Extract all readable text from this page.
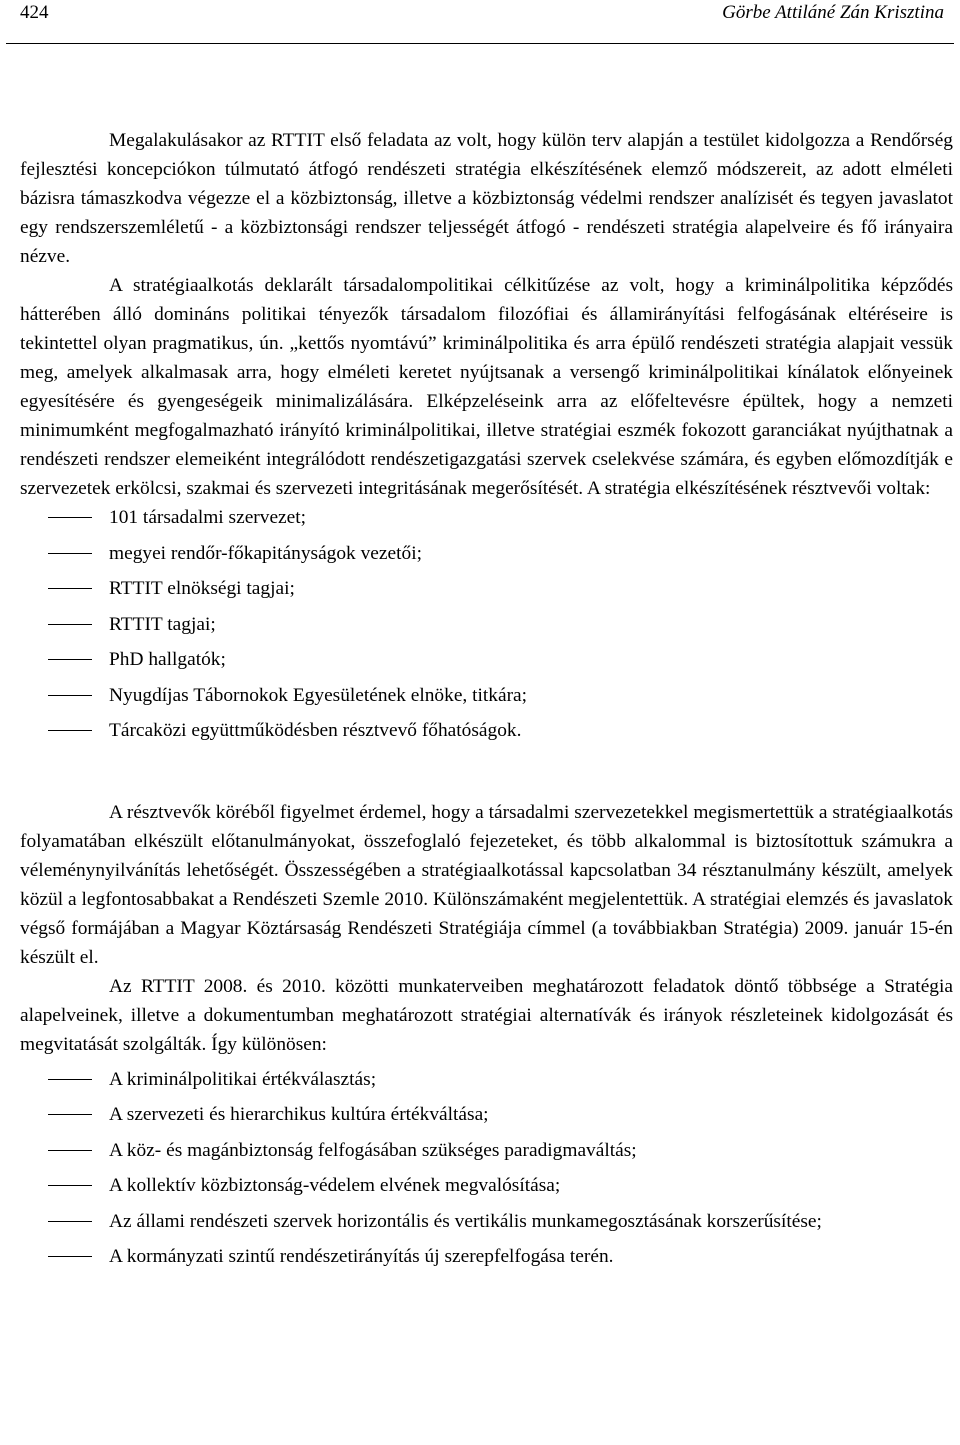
424	Görbe Attiláné Zán Krisztina

Megalakulásakor az RTTIT első feladata az volt, hogy külön terv alapján a testület kidolgozza a Rendőrség fejlesztési koncepciókon túlmutató átfogó rendészeti stratégia elkészítésének elemző módszereit, az adott elméleti bázisra támaszkodva végezze el a közbiztonság, illetve a közbiztonság védelmi rendszer analízisét és tegyen javaslatot egy rendszerszemléletű - a közbiztonsági rendszer teljességét átfogó - rendészeti stratégia alapelveire és fő irányaira nézve.

A stratégiaalkotás deklarált társadalompolitikai célkitűzése az volt, hogy a kriminálpolitika képződés hátterében álló domináns politikai tényezők társadalom filozófiai és államirányítási felfogásának eltéréseire is tekintettel olyan pragmatikus, ún. „kettős nyomtávú” kriminálpolitika és arra épülő rendészeti stratégia alapjait vessük meg, amelyek alkalmasak arra, hogy elméleti keretet nyújtsanak a versengő kriminálpolitikai kínálatok előnyeinek egyesítésére és gyengeségeik minimalizálására. Elképzeléseink arra az előfeltevésre épültek, hogy a nemzeti minimumként megfogalmazható irányító kriminálpolitikai, illetve stratégiai eszmék fokozott garanciákat nyújthatnak a rendészeti rendszer elemeiként integrálódott rendészetigazgatási szervek cselekvése számára, és egyben előmozdítják e szervezetek erkölcsi, szakmai és szervezeti integritásának megerősítését. A stratégia elkészítésének résztvevői voltak:

101 társadalmi szervezet;
megyei rendőr-főkapitányságok vezetői;
RTTIT elnökségi tagjai;
RTTIT tagjai;
PhD hallgatók;
Nyugdíjas Tábornokok Egyesületének elnöke, titkára;
Tárcaközi együttműködésben résztvevő főhatóságok.

A résztvevők köréből figyelmet érdemel, hogy a társadalmi szervezetekkel megismertettük a stratégiaalkotás folyamatában elkészült előtanulmányokat, összefoglaló fejezeteket, és több alkalommal is biztosítottuk számukra a véleménynyilvánítás lehetőségét. Összességében a stratégiaalkotással kapcsolatban 34 résztanulmány készült, amelyek közül a legfontosabbakat a Rendészeti Szemle 2010. Különszámaként megjelentettük. A stratégiai elemzés és javaslatok végső formájában a Magyar Köztársaság Rendészeti Stratégiája címmel (a továbbiakban Stratégia) 2009. január 15-én készült el.

Az RTTIT 2008. és 2010. közötti munkaterveiben meghatározott feladatok döntő többsége a Stratégia alapelveinek, illetve a dokumentumban meghatározott stratégiai alternatívák és irányok részleteinek kidolgozását és megvitatását szolgálták. Így különösen:

A kriminálpolitikai értékválasztás;
A szervezeti és hierarchikus kultúra értékváltása;
A köz- és magánbiztonság felfogásában szükséges paradigmaváltás;
A kollektív közbiztonság-védelem elvének megvalósítása;
Az állami rendészeti szervek horizontális és vertikális munkamegosztásának korszerűsítése;
A kormányzati szintű rendészetirányítás új szerepfelfogása terén.
